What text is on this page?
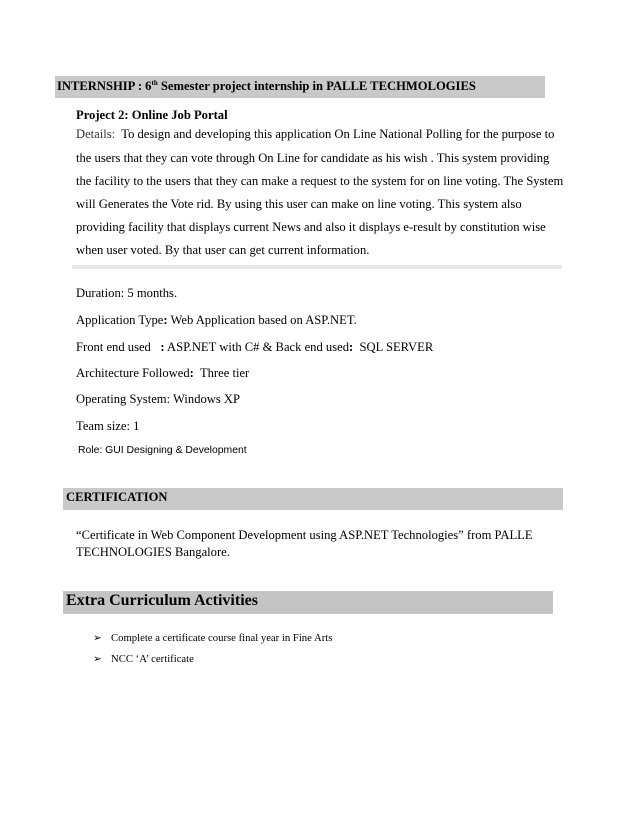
INTERNSHIP : 6th Semester project internship in PALLE TECHMOLOGIES
Project 2: Online Job Portal
Details: To design and developing this application On Line National Polling for the purpose to
the users that they can vote through On Line for candidate as his wish . This system providing
the facility to the users that they can make a request to the system for on line voting. The System
will Generates the Vote rid. By using this user can make on line voting. This system also
providing facility that displays current News and also it displays e-result by constitution wise
when user voted. By that user can get current information.
Duration: 5 months.
Application Type: Web Application based on ASP.NET.
Front end used   : ASP.NET with C# & Back end used:  SQL SERVER
Architecture Followed:  Three tier
Operating System: Windows XP
Team size: 1
Role: GUI Designing & Development
CERTIFICATION
“Certificate in Web Component Development using ASP.NET Technologies” from PALLE
TECHNOLOGIES Bangalore.
Extra Curriculum Activities
➢ Complete a certificate course final year in Fine Arts
➢ NCC ‘A’ certificate
